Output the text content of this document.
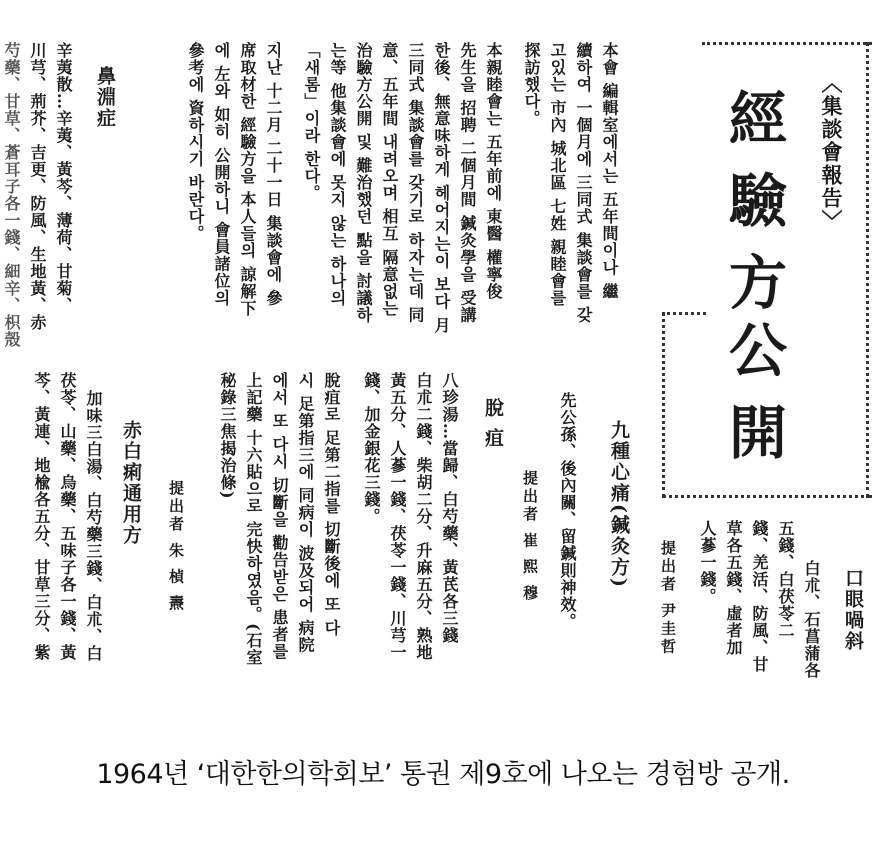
〈集談會報告〉
經驗方
公開
本會 編輯室에서는 五年間이나 繼
續하여 一個月에 三同式 集談會를 갖
고있는 市內 城北區 七姓 親睦會를
探訪했다。
本親睦會는 五年前에 東醫 權寧俊
先生을 招聘 二個月間 鍼灸學을 受講
한後、無意味하게 헤어지는이 보다 月
三同式 集談會를 갖기로 하자는데 同
意、五年間 내려오며 相互 隔意없는
治驗方公開 및 難治했던 點을 討議하
는等 他集談會에 못지 않는 하나의
「새롬」이라 한다。
지난 十二月 二十一日 集談會에 參
席取材한 經驗方을 本人들의 諒解下
에 左와 如히 公開하니 會員諸位의
參考에 資하시기 바란다。
口眼喎斜
白朮、石菖蒲各
五錢、白茯苓二
錢、羌活、防風、甘
草各五錢、虛者加
人蔘一錢。
提出者 尹圭哲
九種心痛(鍼灸方)
先公孫、後內關、留鍼則神效。
提出者 崔 熙 穆
脫 疽
八珍湯…當歸、白芍藥、黃芪各三錢
白朮二錢、柴胡二分、升麻五分、熟地
黃五分、人蔘一錢、茯苓一錢、川芎一
錢、加金銀花三錢。
脫疽로 足第二指를 切斷後에 또 다
시 足第指三에 同病이 波及되어 病院
에서 또 다시 切斷을 勸告받은 患者를
上記藥 十六貼으로 完快하였음。(石室
秘錄三焦揭治條)
提出者 朱 楨 燾
赤白痢通用方
加味三白湯、白芍藥三錢、白朮、白
茯苓、山藥、烏藥、五味子各一錢、黃
芩、黃連、地楡各五分、甘草三分、紫
鼻淵症
辛荑散…辛荑、黃芩、薄荷、甘菊、
川芎、荊芥、吉更、防風、生地黃、赤
芍藥、甘草、蒼耳子各一錢、細辛、枳殼
1964년 ‘대한한의학회보’ 통권 제9호에 나오는 경험방 공개.
